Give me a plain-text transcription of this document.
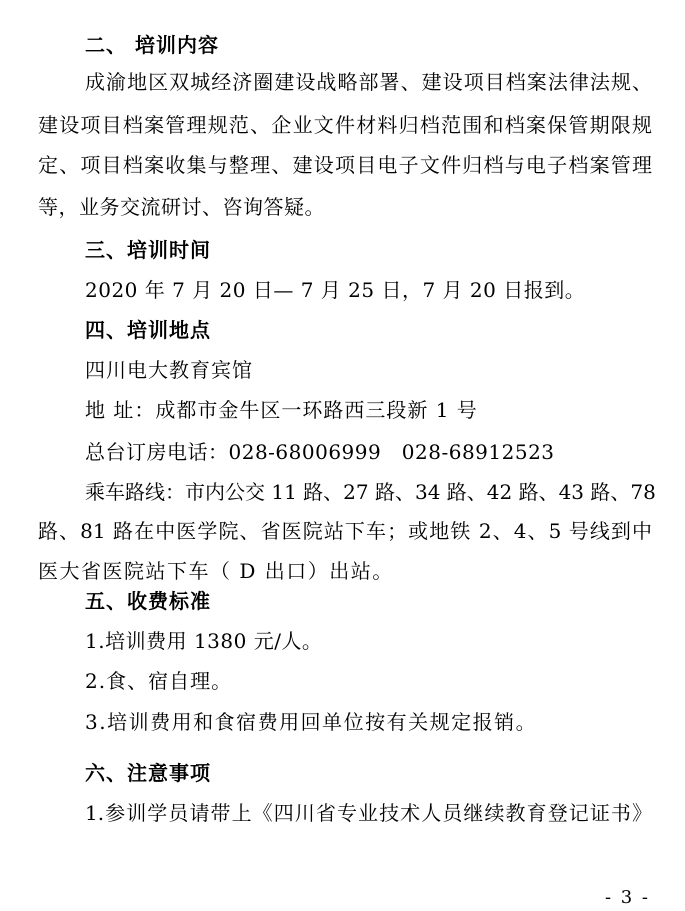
二、 培训内容
成渝地区双城经济圈建设战略部署、建设项目档案法律法规、
建设项目档案管理规范、企业文件材料归档范围和档案保管期限规
定、项目档案收集与整理、建设项目电子文件归档与电子档案管理
等，业务交流研讨、咨询答疑。
三、培训时间
2020 年 7 月 20 日— 7 月 25 日，7 月 20 日报到。
四、培训地点
四川电大教育宾馆
地 址：成都市金牛区一环路西三段新 1 号
总台订房电话：028-68006999   028-68912523
乘车路线：市内公交 11 路、27 路、34 路、42 路、43 路、78
路、81 路在中医学院、省医院站下车；或地铁 2、4、5 号线到中
医大省医院站下车（ D 出口）出站。
五、收费标准
1.培训费用 1380 元/人。
2.食、宿自理。
3.培训费用和食宿费用回单位按有关规定报销。
六、注意事项
1.参训学员请带上《四川省专业技术人员继续教育登记证书》
- 3 -
